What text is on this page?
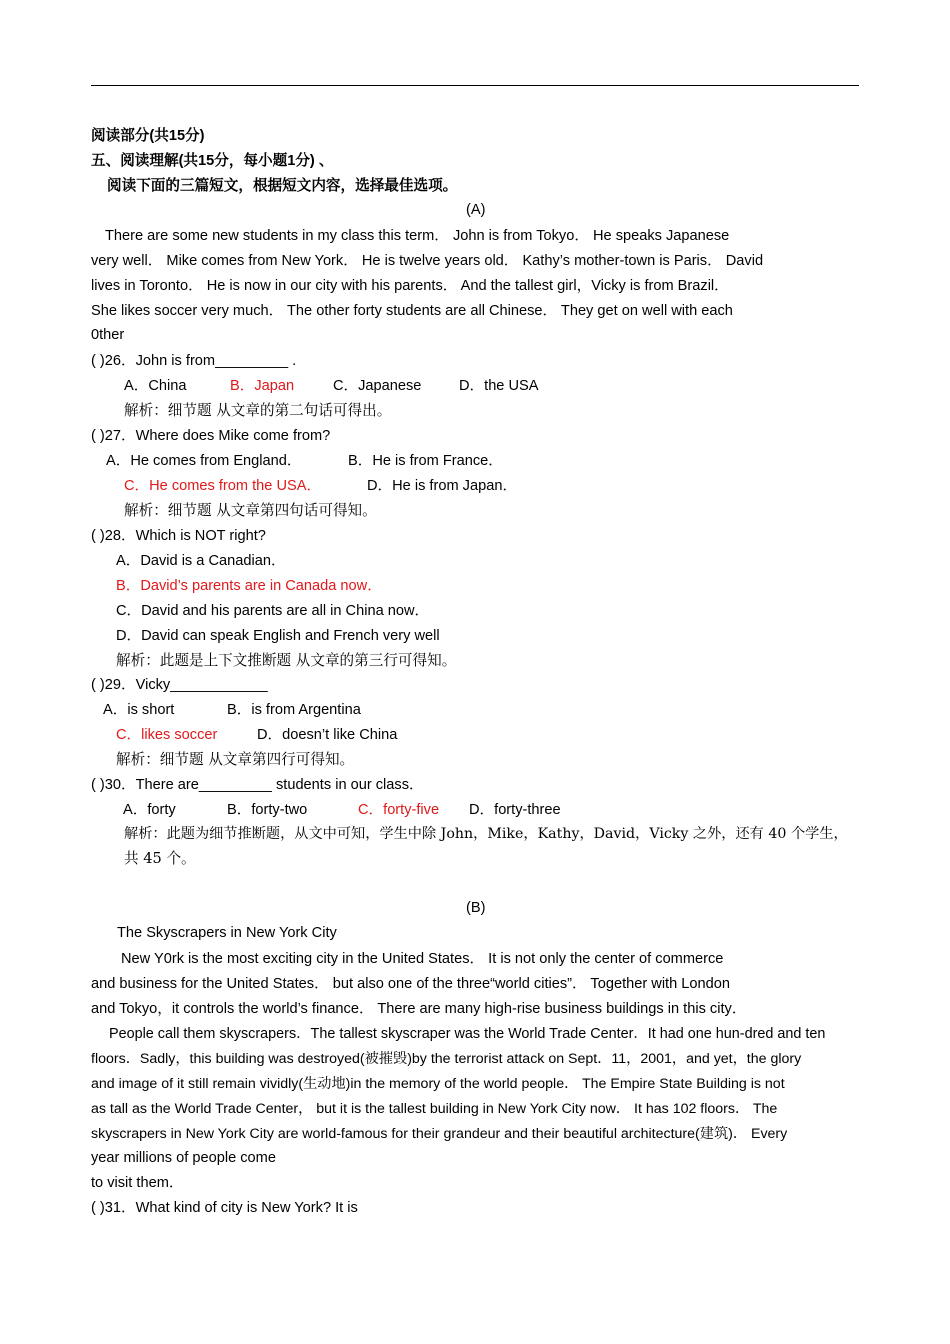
阅读部分(共15分)
五、阅读理解(共15分，每小题1分) 、
阅读下面的三篇短文，根据短文内容，选择最佳选项。
(A)
There are some new students in my class this term． John is from Tokyo． He speaks Japanese
very well． Mike comes from New York． He is twelve years old． Kathy’s mother-town is Paris． David
lives in Toronto． He is now in our city with his parents． And the tallest girl，Vicky is from Brazil．
She likes soccer very much． The other forty students are all Chinese． They get on well with each
0ther
( )26．John is from_________ .
A．China	B．Japan	C．Japanese	D．the USA
解析：细节题 从文章的第二句话可得出。
( )27．Where does Mike come from?
A．He comes from England．	B．He is from France．
C．He comes from the USA．	D．He is from Japan．
解析：细节题 从文章第四句话可得知。
( )28．Which is NOT right?
A．David is a Canadian．
B．David’s parents are in Canada now．
C．David and his parents are all in China now．
D．David can speak English and French very well
解析：此题是上下文推断题 从文章的第三行可得知。
( )29．Vicky____________
A．is short	B．is from Argentina
C．likes soccer	D．doesn’t like China
解析：细节题 从文章第四行可得知。
( )30．There are_________ students in our class．
A．forty	B．forty-two	C．forty-five D．forty-three
解析：此题为细节推断题，从文中可知，学生中除 John，Mike，Kathy，David，Vicky 之外，还有 40 个学生，
共 45 个。
(B)
The Skyscrapers in New York City
New Y0rk is the most exciting city in the United States． It is not only the center of commerce
and business for the United States． but also one of the three“world cities”． Together with London
and Tokyo，it controls the world’s finance． There are many high-rise business buildings in this city．
People call them skyscrapers．The tallest skyscraper was the World Trade Center．It had one hun-dred and ten
floors．Sadly，this building was destroyed(被摧毁)by the terrorist attack on Sept．11，2001，and yet，the glory
and image of it still remain vividly(生动地)in the memory of the world people． The Empire State Building is not
as tall as the World Trade Center， but it is the tallest building in New York City now． It has 102 floors． The
skyscrapers in New York City are world-famous for their grandeur and their beautiful architecture(建筑)． Every
year millions of people come
to visit them．
( )31．What kind of city is New York? It is
